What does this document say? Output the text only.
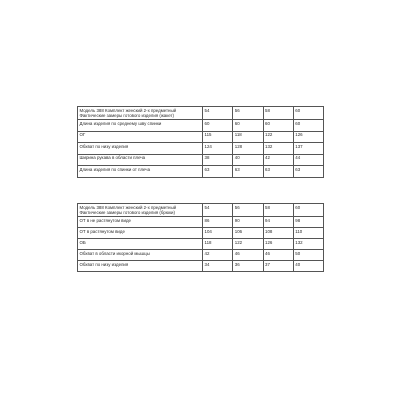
Модель 388 Комплект женский 2-х предметный Фактические замеры готового изделия (жакет)	54	56	58	60
Длина изделия по среднему шву спинки	60	60	60	60
ОГ	115	118	122	126
Обхват по низу изделия	124	128	132	137
Ширина рукава в области плеча	38	40	42	44
Длина изделия по спинки от плеча	63	63	63	63
Модель 388 Комплект женский 2-х предметный Фактические замеры готового изделия (брюки)	54	56	58	60
ОТ в не растянутом виде	86	90	94	98
ОТ в растянутом виде	104	106	108	110
ОБ	118	122	126	132
Обхват в области икорной мышцы	42	46	46	50
Обхват по низу изделия	34	36	37	40
